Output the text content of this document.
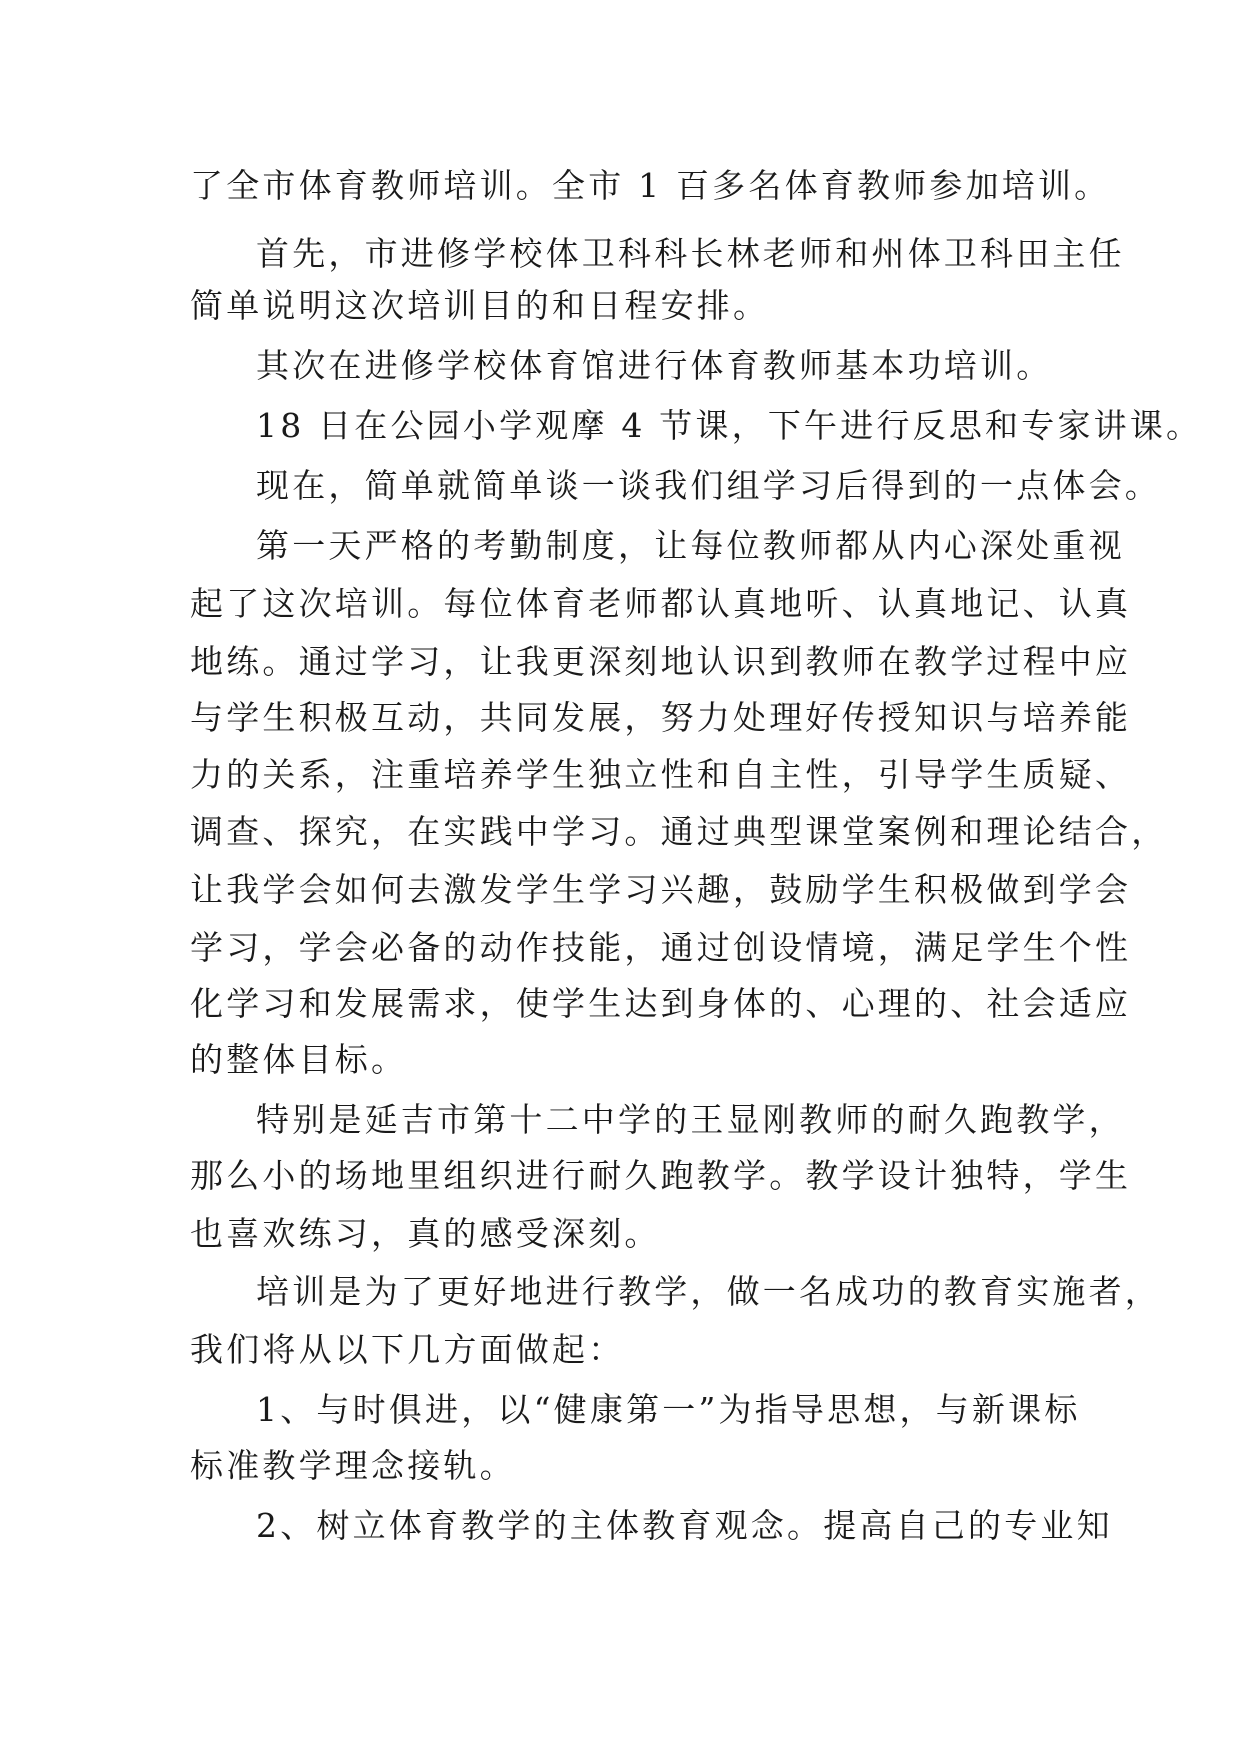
了全市体育教师培训。全市 1 百多名体育教师参加培训。
首先，市进修学校体卫科科长林老师和州体卫科田主任
简单说明这次培训目的和日程安排。
其次在进修学校体育馆进行体育教师基本功培训。
18 日在公园小学观摩 4 节课，下午进行反思和专家讲课。
现在，简单就简单谈一谈我们组学习后得到的一点体会。
第一天严格的考勤制度，让每位教师都从内心深处重视
起了这次培训。每位体育老师都认真地听、认真地记、认真
地练。通过学习，让我更深刻地认识到教师在教学过程中应
与学生积极互动，共同发展，努力处理好传授知识与培养能
力的关系，注重培养学生独立性和自主性，引导学生质疑、
调查、探究，在实践中学习。通过典型课堂案例和理论结合，
让我学会如何去激发学生学习兴趣，鼓励学生积极做到学会
学习，学会必备的动作技能，通过创设情境，满足学生个性
化学习和发展需求，使学生达到身体的、心理的、社会适应
的整体目标。
特别是延吉市第十二中学的王显刚教师的耐久跑教学，
那么小的场地里组织进行耐久跑教学。教学设计独特，学生
也喜欢练习，真的感受深刻。
培训是为了更好地进行教学，做一名成功的教育实施者，
我们将从以下几方面做起：
1、与时俱进，以“健康第一”为指导思想，与新课标
标准教学理念接轨。
2、树立体育教学的主体教育观念。提高自己的专业知
